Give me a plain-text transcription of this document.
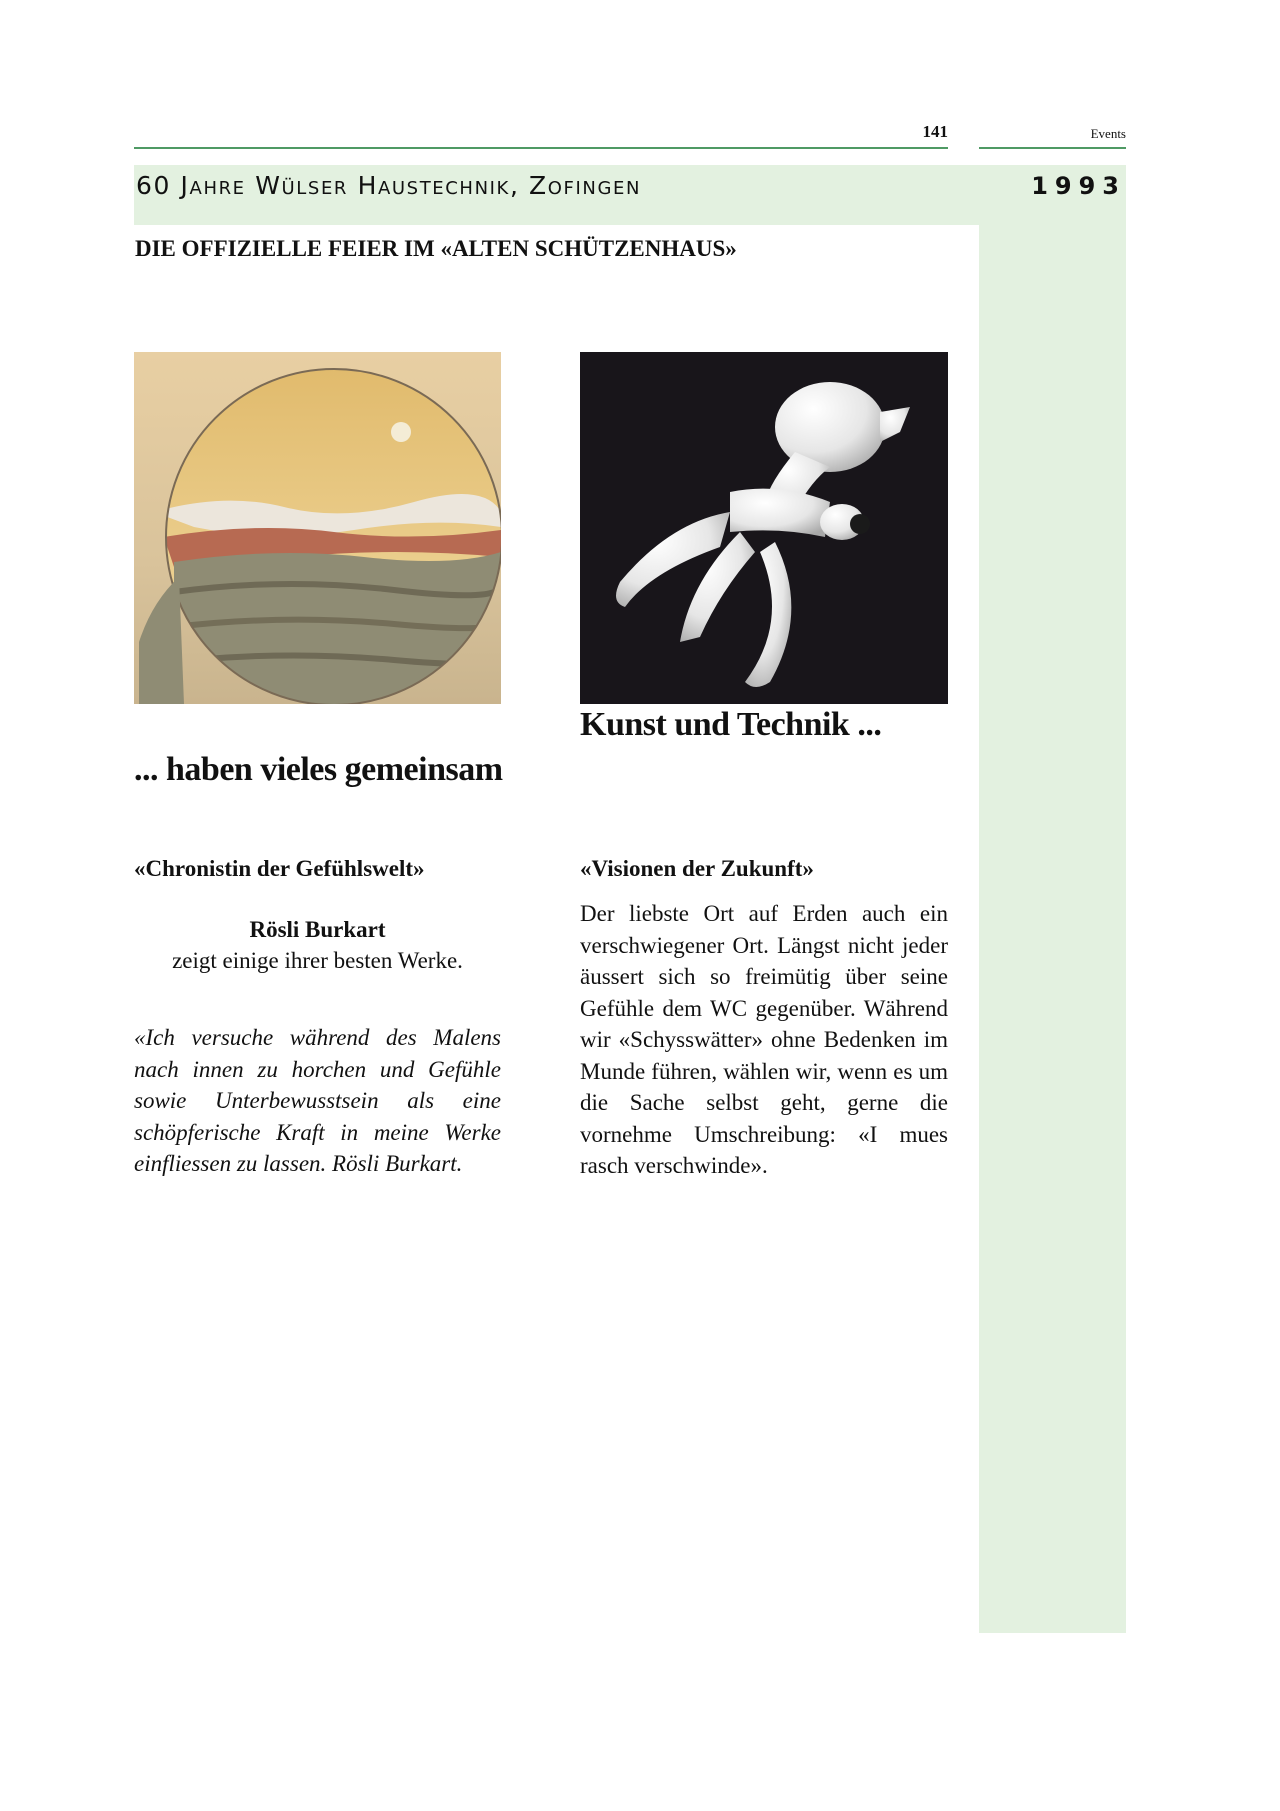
141	Events
60 Jahre Wülser Haustechnik, Zofingen	1993
DIE OFFIZIELLE FEIER IM «ALTEN SCHÜTZENHAUS»
Kunst und Technik ...
... haben vieles gemeinsam
«Chronistin der Gefühlswelt»
Rösli Burkart
zeigt einige ihrer besten Werke.
«Ich versuche während des Malens nach innen zu horchen und Gefühle sowie Unterbewusstsein als eine schöpferische Kraft in meine Werke einfliessen zu lassen. Rösli Burkart.
«Visionen der Zukunft»
Der liebste Ort auf Erden auch ein verschwiegener Ort. Längst nicht jeder äussert sich so freimütig über seine Gefühle dem WC gegenüber. Während wir «Schysswätter» ohne Bedenken im Munde führen, wählen wir, wenn es um die Sache selbst geht, gerne die vornehme Umschreibung: «I mues rasch verschwinde».
